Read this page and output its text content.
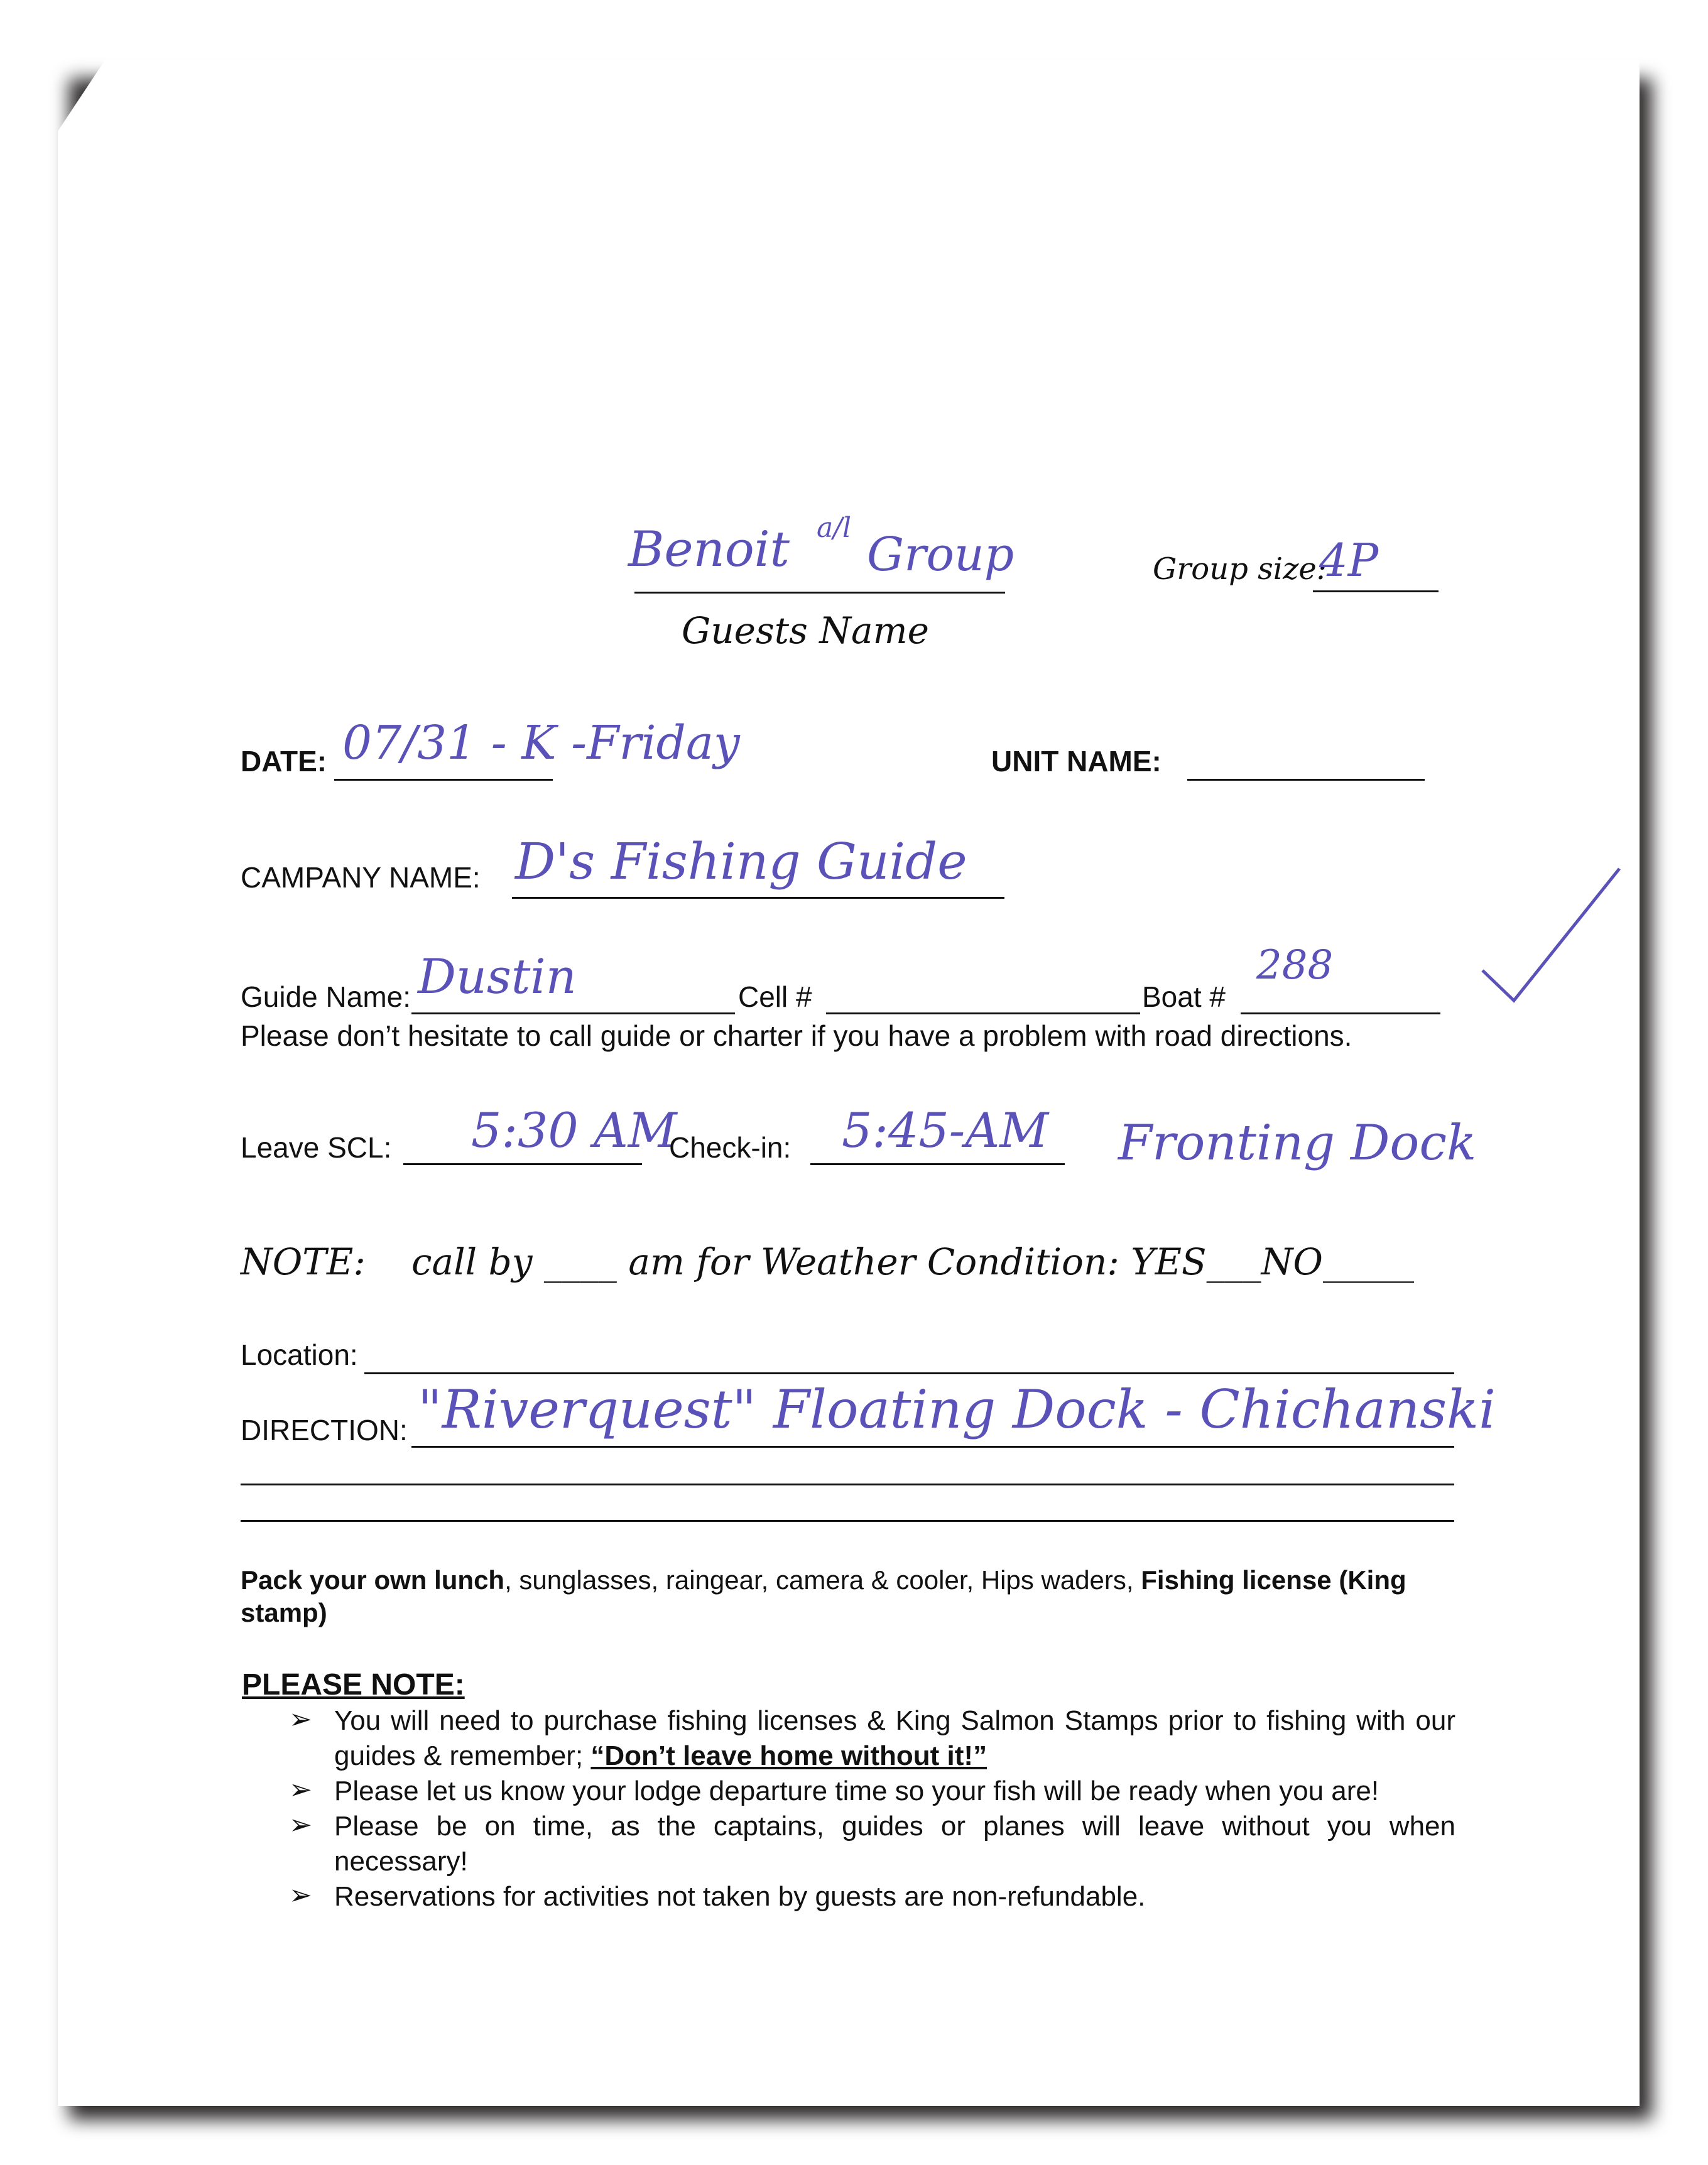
Benoit a/l Group
Guests Name
Group size:
4P
DATE: 07/31 - K -Friday	UNIT NAME:
CAMPANY NAME: D's Fishing Guide
Guide Name: Dustin	Cell #	Boat #
288
Please don’t hesitate to call guide or charter if you have a problem with road directions.
Leave SCL: 5:30 AM
Check-in: 5:45-AM Fronting Dock
NOTE: call by ____ am for Weather Condition: YES___NO_____
Location:
DIRECTION: "Riverquest" Floating Dock - Chichanski
Pack your own lunch, sunglasses, raingear, camera & cooler, Hips waders, Fishing license (King stamp)
PLEASE NOTE:
➢ You will need to purchase fishing licenses & King Salmon Stamps prior to fishing with our guides & remember; “Don’t leave home without it!”
➢ Please let us know your lodge departure time so your fish will be ready when you are!
➢ Please be on time, as the captains, guides or planes will leave without you when necessary!
➢ Reservations for activities not taken by guests are non-refundable.
